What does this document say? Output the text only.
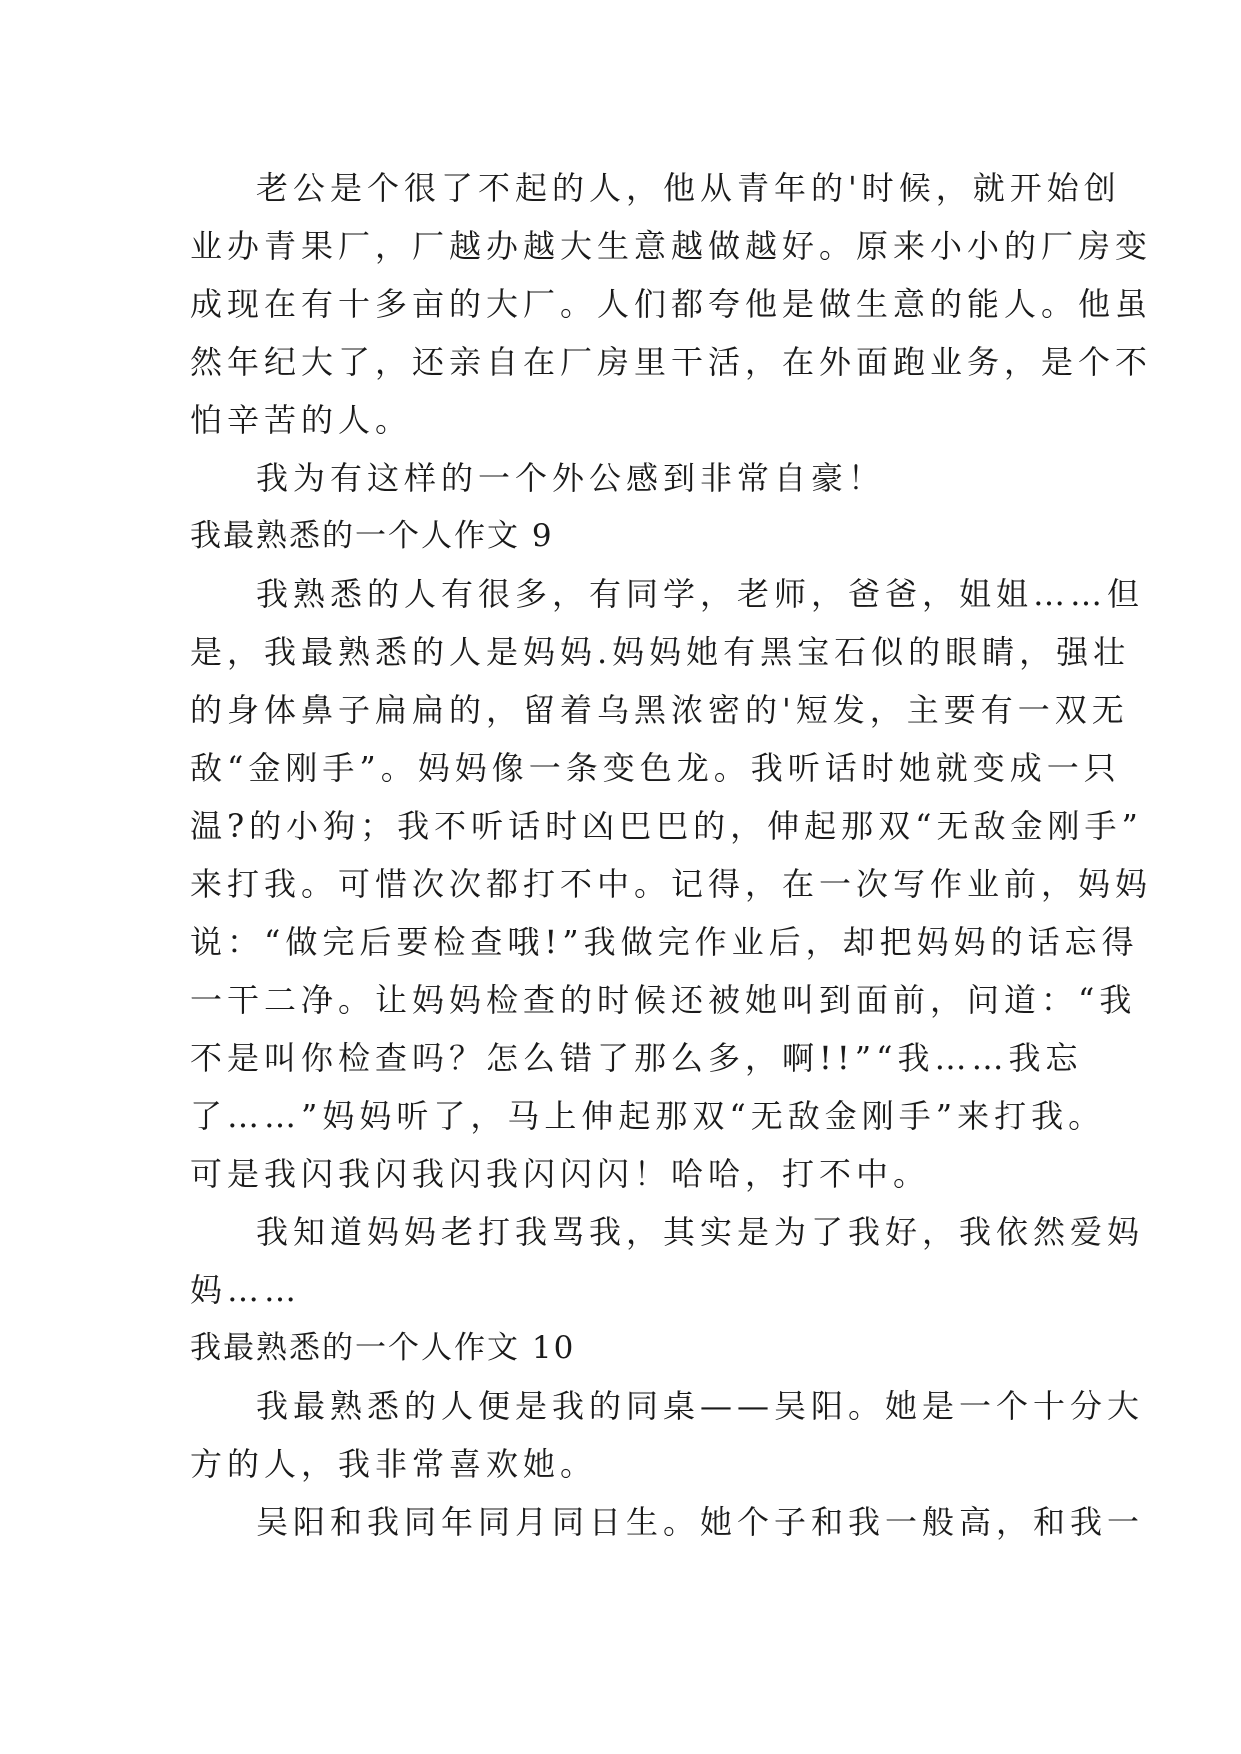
老公是个很了不起的人，他从青年的'时候，就开始创
业办青果厂，厂越办越大生意越做越好。原来小小的厂房变
成现在有十多亩的大厂。人们都夸他是做生意的能人。他虽
然年纪大了，还亲自在厂房里干活，在外面跑业务，是个不
怕辛苦的人。
我为有这样的一个外公感到非常自豪！
我最熟悉的一个人作文 9
我熟悉的人有很多，有同学，老师，爸爸，姐姐……但
是，我最熟悉的人是妈妈.妈妈她有黑宝石似的眼睛，强壮
的身体鼻子扁扁的，留着乌黑浓密的'短发，主要有一双无
敌“金刚手”。妈妈像一条变色龙。我听话时她就变成一只
温?的小狗；我不听话时凶巴巴的，伸起那双“无敌金刚手”
来打我。可惜次次都打不中。记得，在一次写作业前，妈妈
说：“做完后要检查哦!”我做完作业后，却把妈妈的话忘得
一干二净。让妈妈检查的时候还被她叫到面前，问道：“我
不是叫你检查吗？怎么错了那么多，啊!!”“我……我忘
了……”妈妈听了，马上伸起那双“无敌金刚手”来打我。
可是我闪我闪我闪我闪闪闪！哈哈，打不中。
我知道妈妈老打我骂我，其实是为了我好，我依然爱妈
妈……
我最熟悉的一个人作文 10
我最熟悉的人便是我的同桌——吴阳。她是一个十分大
方的人，我非常喜欢她。
吴阳和我同年同月同日生。她个子和我一般高，和我一
